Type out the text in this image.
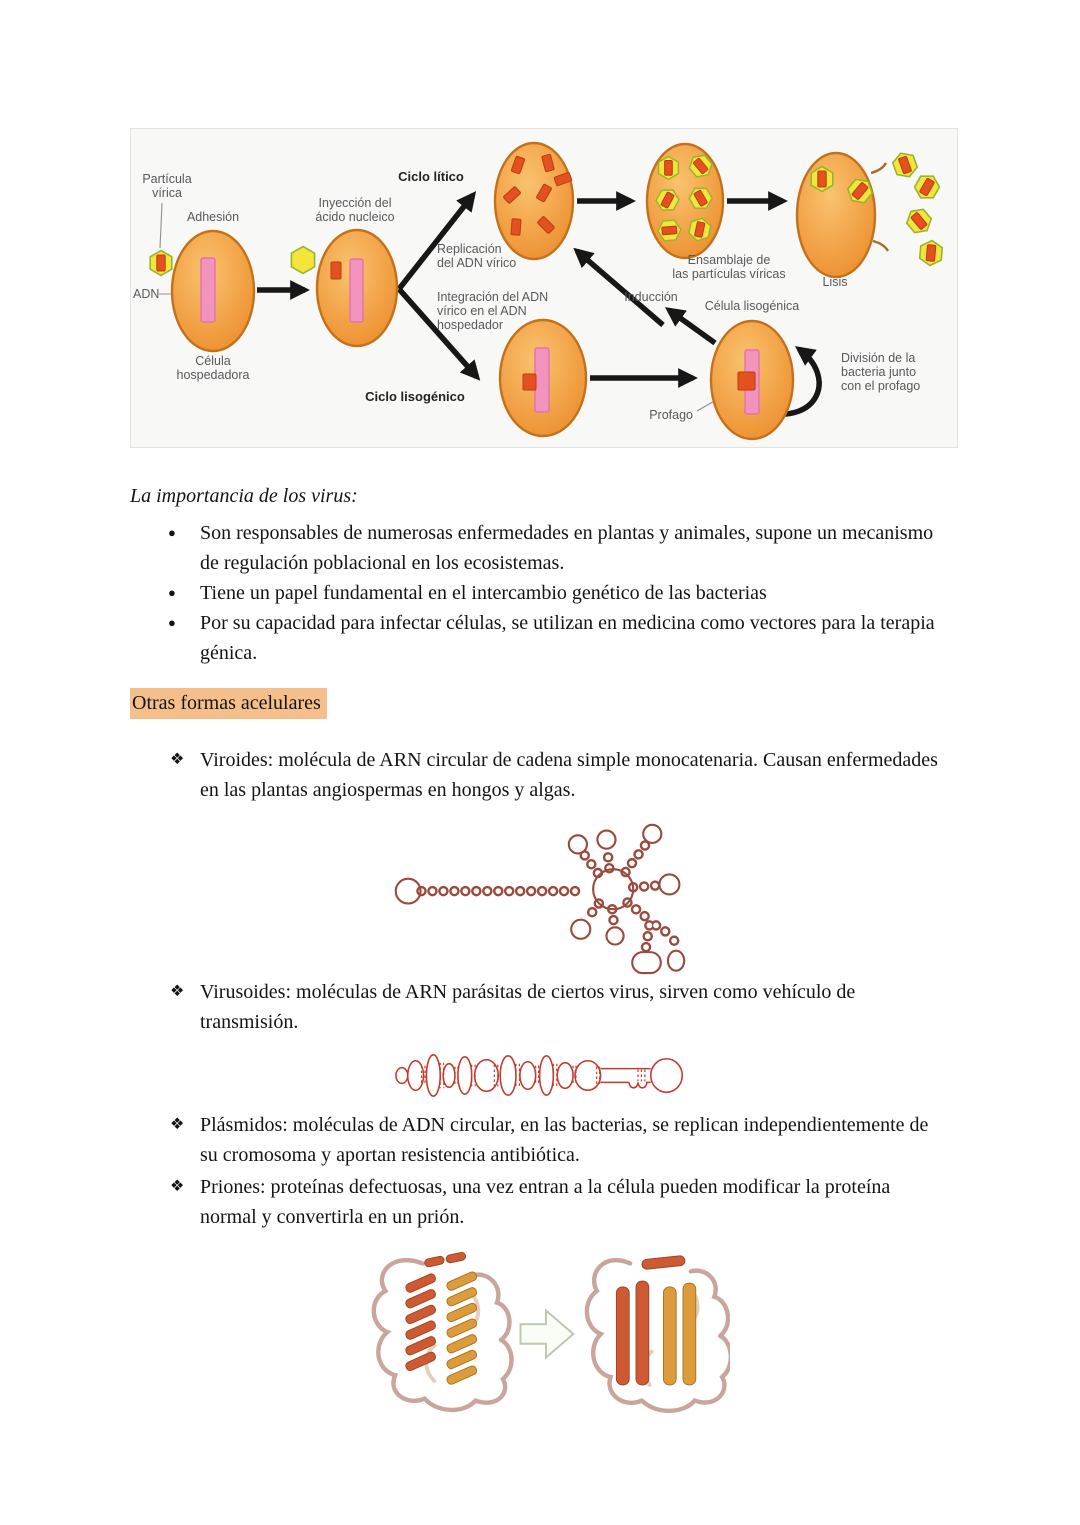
Partícula
vírica
Adhesión
ADN
Célula
hospedadora
Inyección del
ácido nucleico
Ciclo lítico
Replicación
del ADN vírico
Integración del ADN
vírico en el ADN
hospedador
Ciclo lisogénico
Inducción
Ensamblaje de
las partículas víricas
Lisis
Célula lisogénica
Profago
División de la
bacteria junto
con el profago

La importancia de los virus:

●	Son responsables de numerosas enfermedades en plantas y animales, supone un mecanismo de regulación poblacional en los ecosistemas.
●	Tiene un papel fundamental en el intercambio genético de las bacterias
●	Por su capacidad para infectar células, se utilizan en medicina como vectores para la terapia génica.
Otras formas acelulares
❖ Viroides: molécula de ARN circular de cadena simple monocatenaria. Causan enfermedades en las plantas angiospermas en hongos y algas.
❖ Virusoides: moléculas de ARN parásitas de ciertos virus, sirven como vehículo de transmisión.
❖ Plásmidos: moléculas de ADN circular, en las bacterias, se replican independientemente de su cromosoma y aportan resistencia antibiótica.
❖ Priones: proteínas defectuosas, una vez entran a la célula pueden modificar la proteína normal y convertirla en un prión.
